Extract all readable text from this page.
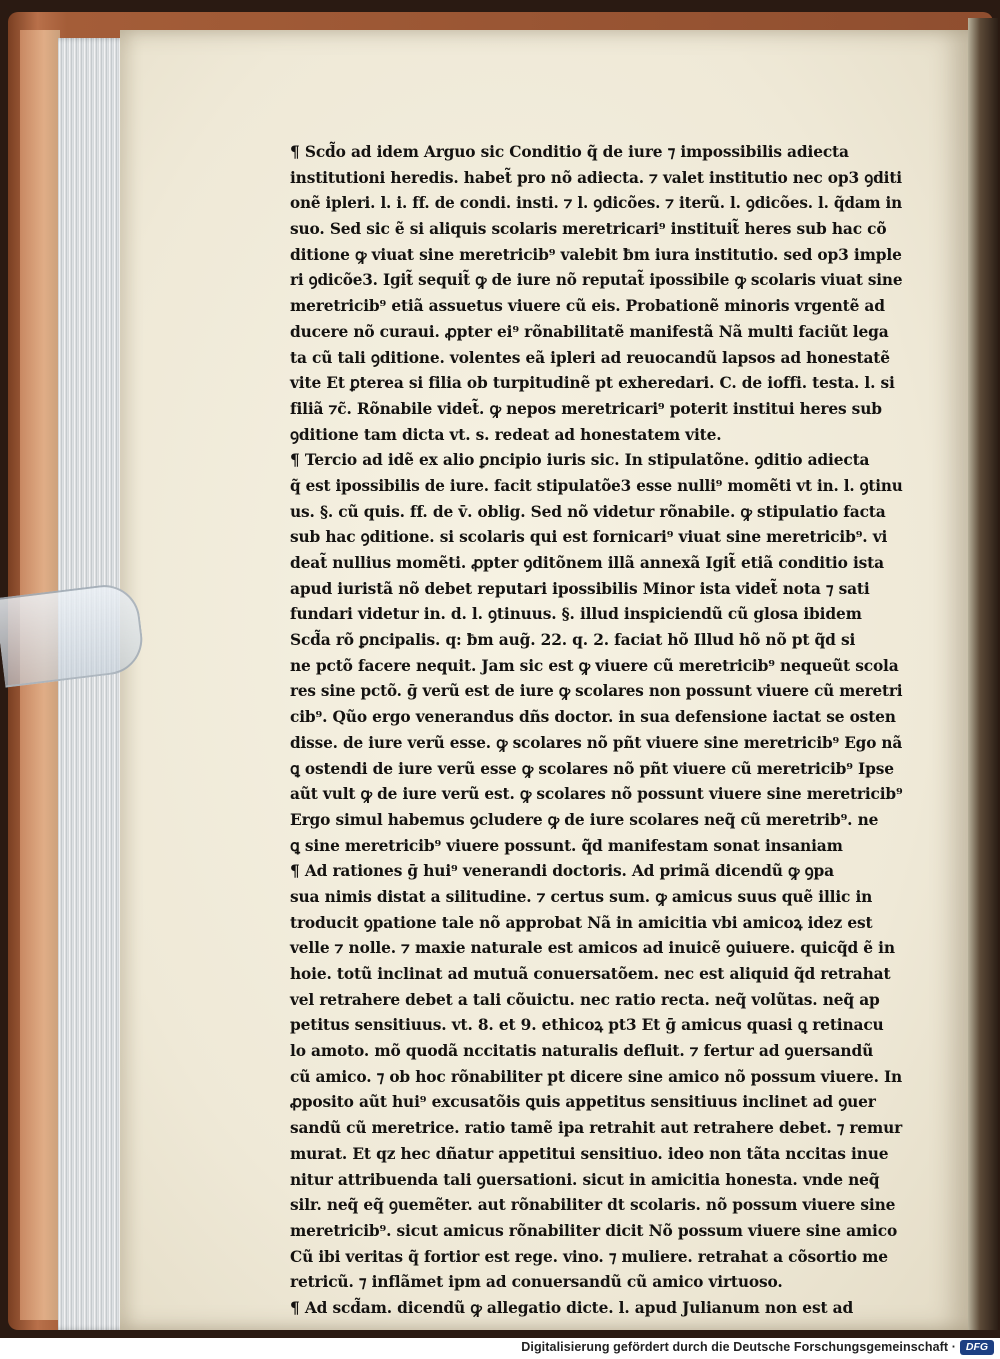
¶ Scd̃o ad idem Arguo sic Conditio q̃ de iure ⁊ impossibilis adiecta
institutioni heredis. habet̃ pro nõ adiecta. ⁊ valet institutio nec op3 ꝯditi
onẽ ipleri. l. i. ff. de condi. insti. ⁊ l. ꝯdicões. ⁊ iterũ. l. ꝯdicões. l. q̃dam in
suo. Sed sic ẽ si aliquis scolaris meretricari⁹ instituit̃ heres sub hac cõ
ditione ꝙ viuat sine meretricib⁹ valebit ƀm iura institutio. sed op3 imple
ri ꝯdicõe3. Igit̃ sequit̃ ꝙ de iure nõ reputat̃ ipossibile ꝙ scolaris viuat sine
meretricib⁹ etiã assuetus viuere cũ eis. Probationẽ minoris vrgentẽ ad
ducere nõ curaui. ꝓpter ei⁹ rõnabilitatẽ manifestã Nã multi faciũt lega
ta cũ tali ꝯditione. volentes eã ipleri ad reuocandũ lapsos ad honestatẽ
vite Et ꝑterea si filia ob turpitudinẽ pt exheredari. C. de ioffi. testa. l. si
filiã ⁊c̃. Rõnabile videt̃. ꝙ nepos meretricari⁹ poterit institui heres sub
ꝯditione tam dicta vt. s. redeat ad honestatem vite.
¶ Tercio ad idẽ ex alio ꝑncipio iuris sic. In stipulatõne. ꝯditio adiecta
q̃ est ipossibilis de iure. facit stipulatõe3 esse nulli⁹ momẽti vt in. l. ꝯtinu
us. §. cũ quis. ff. de v̄. oblig. Sed nõ videtur rõnabile. ꝙ stipulatio facta
sub hac ꝯditione. si scolaris qui est fornicari⁹ viuat sine meretricib⁹. vi
deat̃ nullius momẽti. ꝓpter ꝯditõnem illã annexã Igit̃ etiã conditio ista
apud iuristã nõ debet reputari ipossibilis Minor ista videt̃ nota ⁊ sati
fundari videtur in. d. l. ꝯtinuus. §. illud inspiciendũ cũ glosa ibidem
Scd̃a rõ ꝑncipalis. q: ƀm aug̃. 22. q. 2. faciat hõ Illud hõ nõ pt q̃d si
ne pctõ facere nequit. Jam sic est ꝙ viuere cũ meretricib⁹ nequeũt scola
res sine pctõ. ḡ verũ est de iure ꝙ scolares non possunt viuere cũ meretri
cib⁹. Qũo ergo venerandus dñs doctor. in sua defensione iactat se osten
disse. de iure verũ esse. ꝙ scolares nõ pñt viuere sine meretricib⁹ Ego nã
ꝗ ostendi de iure verũ esse ꝙ scolares nõ pñt viuere cũ meretricib⁹ Ipse
aũt vult ꝙ de iure verũ est. ꝙ scolares nõ possunt viuere sine meretricib⁹
Ergo simul habemus ꝯcludere ꝙ de iure scolares neq̃ cũ meretrib⁹. ne
ꝗ sine meretricib⁹ viuere possunt. q̃d manifestam sonat insaniam
¶ Ad rationes ḡ hui⁹ venerandi doctoris. Ad primã dicendũ ꝙ ꝯpa
sua nimis distat a silitudine. ⁊ certus sum. ꝙ amicus suus quẽ illic in
troducit ꝯpatione tale nõ approbat Nã in amicitia vbi amicoꝝ idez est
velle ⁊ nolle. ⁊ maxie naturale est amicos ad inuicẽ ꝯuiuere. quicq̃d ẽ in
hoie. totũ inclinat ad mutuã conuersatõem. nec est aliquid q̃d retrahat
vel retrahere debet a tali cõuictu. nec ratio recta. neq̃ volũtas. neq̃ ap
petitus sensitiuus. vt. 8. et 9. ethicoꝝ pt3 Et ḡ amicus quasi ꝗ retinacu
lo amoto. mõ quodã nccitatis naturalis defluit. ⁊ fertur ad ꝯuersandũ
cũ amico. ⁊ ob hoc rõnabiliter pt dicere sine amico nõ possum viuere. In
ꝓposito aũt hui⁹ excusatõis ꝗuis appetitus sensitiuus inclinet ad ꝯuer
sandũ cũ meretrice. ratio tamẽ ipa retrahit aut retrahere debet. ⁊ remur
murat. Et qz hec dñatur appetitui sensitiuo. ideo non tãta nccitas inue
nitur attribuenda tali ꝯuersationi. sicut in amicitia honesta. vnde neq̃
silr. neq̃ eq̃ ꝯuemẽter. aut rõnabiliter dt scolaris. nõ possum viuere sine
meretricib⁹. sicut amicus rõnabiliter dicit Nõ possum viuere sine amico
Cũ ibi veritas q̃ fortior est rege. vino. ⁊ muliere. retrahat a cõsortio me
retricũ. ⁊ inflãmet ipm ad conuersandũ cũ amico virtuoso.
¶ Ad scd̃am. dicendũ ꝙ allegatio dicte. l. apud Julianum non est ad
Digitalisierung gefördert durch die Deutsche Forschungsgemeinschaft · DFG
